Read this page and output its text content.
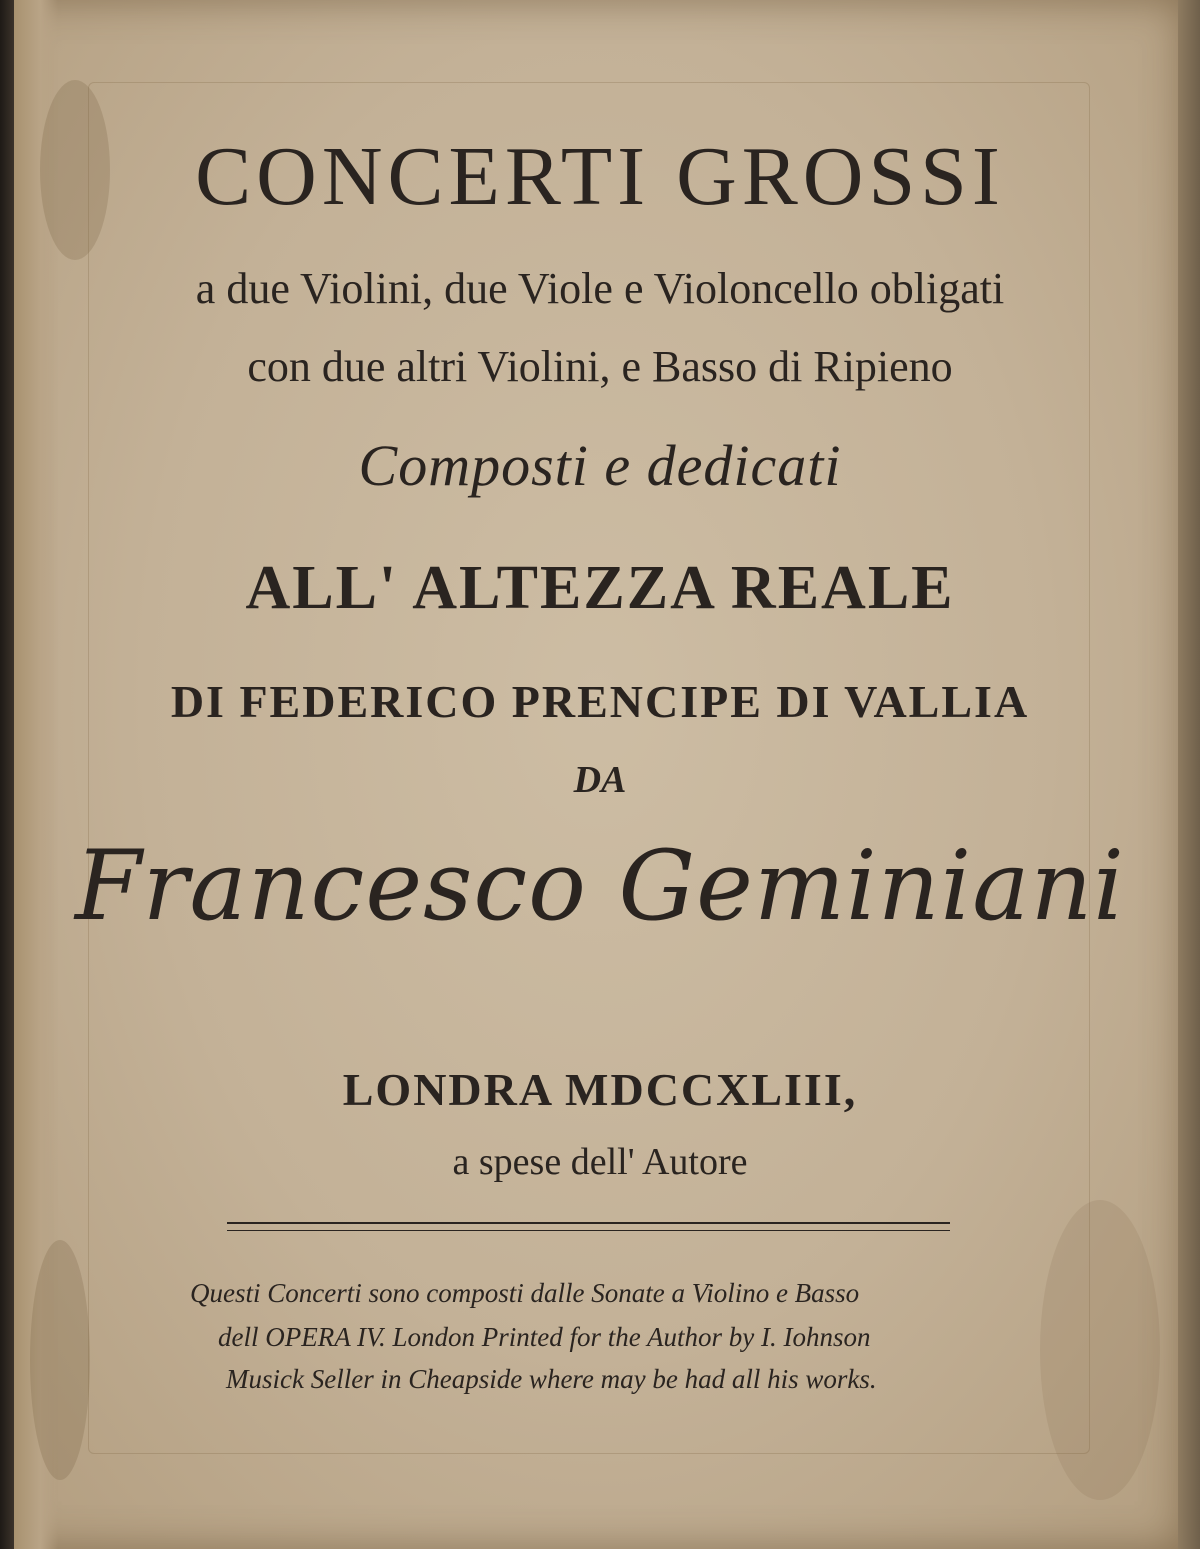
CONCERTI GROSSI
a due Violini, due Viole e Violoncello obligati
con due altri Violini, e Basso di Ripieno
Composti e dedicati
ALL' ALTEZZA REALE
DI FEDERICO PRENCIPE DI VALLIA
DA
Francesco Geminiani
LONDRA MDCCXLIII,
a spese dell' Autore
Questi Concerti sono composti dalle Sonate a Violino e Basso
dell OPERA IV. London Printed for the Author by I. Iohnson
Musick Seller in Cheapside where may be had all his works.
